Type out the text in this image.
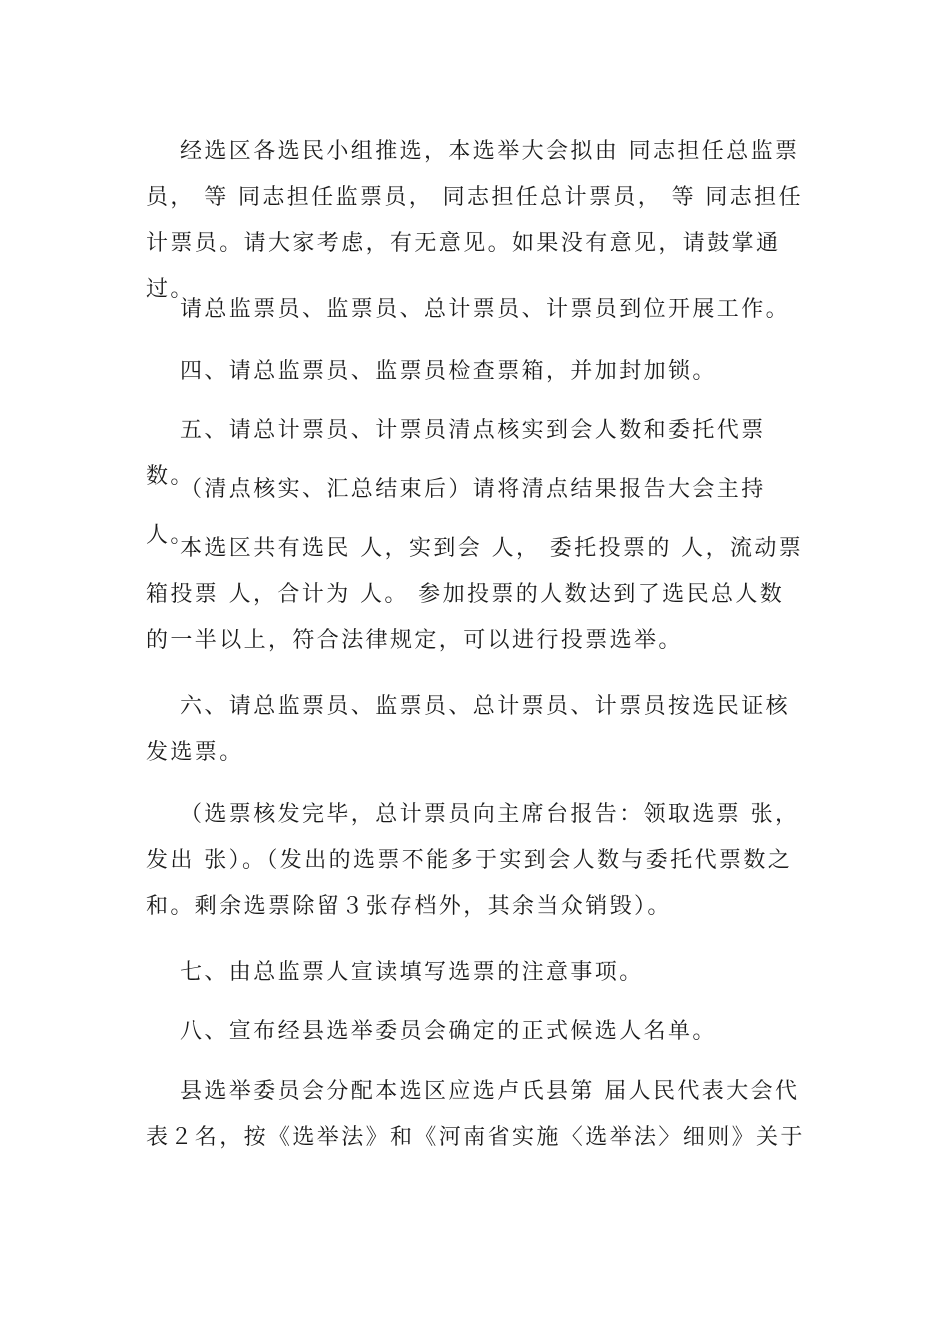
经选区各选民小组推选，本选举大会拟由 同志担任总监票员， 等 同志担任监票员， 同志担任总计票员， 等 同志担任计票员。请大家考虑，有无意见。如果没有意见，请鼓掌通过。

请总监票员、监票员、总计票员、计票员到位开展工作。

四、请总监票员、监票员检查票箱，并加封加锁。

五、请总计票员、计票员清点核实到会人数和委托代票数。

（清点核实、汇总结束后）请将清点结果报告大会主持人。

本选区共有选民 人，实到会 人， 委托投票的 人，流动票箱投票 人，合计为 人。 参加投票的人数达到了选民总人数的一半以上，符合法律规定，可以进行投票选举。

六、请总监票员、监票员、总计票员、计票员按选民证核发选票。

（选票核发完毕，总计票员向主席台报告：领取选票 张，发出 张）。（发出的选票不能多于实到会人数与委托代票数之和。剩余选票除留３张存档外，其余当众销毁）。

七、由总监票人宣读填写选票的注意事项。

八、宣布经县选举委员会确定的正式候选人名单。

县选举委员会分配本选区应选卢氏县第 届人民代表大会代表２名，按《选举法》和《河南省实施〈选举法〉细则》关于
